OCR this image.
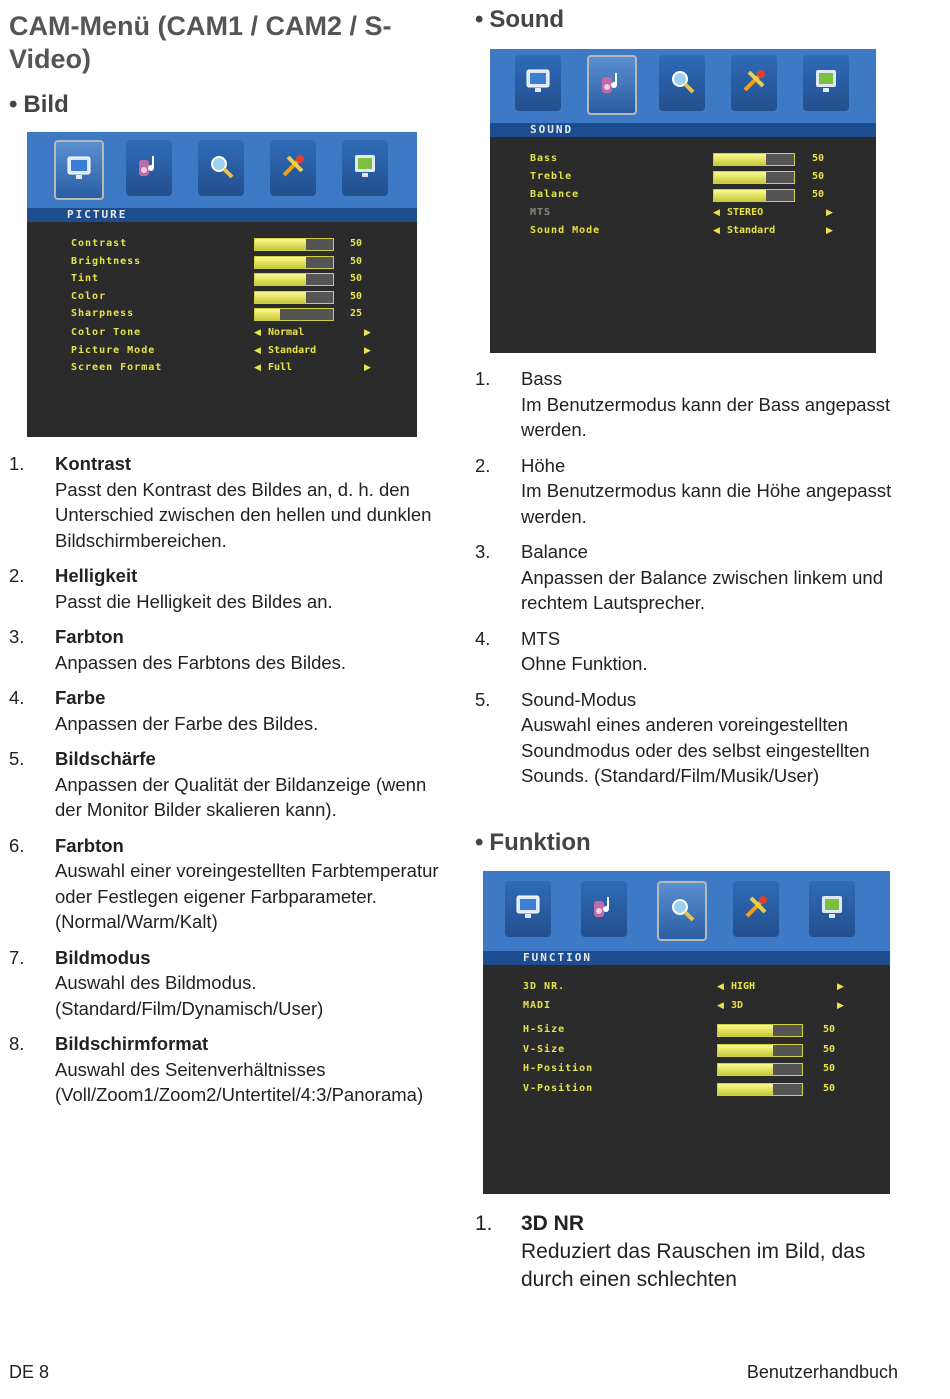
CAM-Menü (CAM1 / CAM2 / S-Video)

• Bild

PICTURE
Contrast	50
Brightness	50
Tint	50
Color	50
Sharpness	25
Color Tone	◀ Normal	▶
Picture Mode	◀ Standard	▶
Screen Format	◀ Full	▶
1. Kontrast
Passt den Kontrast des Bildes an, d. h. den Unterschied zwischen den hellen und dunklen Bildschirmbereichen.
2. Helligkeit
Passt die Helligkeit des Bildes an.
3. Farbton
Anpassen des Farbtons des Bildes.
4. Farbe
Anpassen der Farbe des Bildes.
5. Bildschärfe
Anpassen der Qualität der Bildanzeige (wenn der Monitor Bilder skalieren kann).
6. Farbton
Auswahl einer voreingestellten Farbtemperatur oder Festlegen eigener Farbparameter. (Normal/Warm/Kalt)
7. Bildmodus
Auswahl des Bildmodus. (Standard/Film/Dynamisch/User)
8. Bildschirmformat
Auswahl des Seitenverhältnisses (Voll/Zoom1/Zoom2/Untertitel/4:3/Panorama)

• Sound

SOUND
Bass	50
Treble	50
Balance	50
MTS	◀ STEREO	▶
Sound Mode	◀ Standard	▶
1. Bass
Im Benutzermodus kann der Bass angepasst werden.
2. Höhe
Im Benutzermodus kann die Höhe angepasst werden.
3. Balance
Anpassen der Balance zwischen linkem und rechtem Lautsprecher.
4. MTS
Ohne Funktion.
5. Sound-Modus
Auswahl eines anderen voreingestellten Soundmodus oder des selbst eingestellten Sounds. (Standard/Film/Musik/User)

• Funktion

FUNCTION
3D NR.	◀ HIGH	▶
MADI	◀ 3D	▶
H-Size	50
V-Size	50
H-Position	50
V-Position	50
1. 3D NR
Reduziert das Rauschen im Bild, das durch einen schlechten
DE 8	Benutzerhandbuch
